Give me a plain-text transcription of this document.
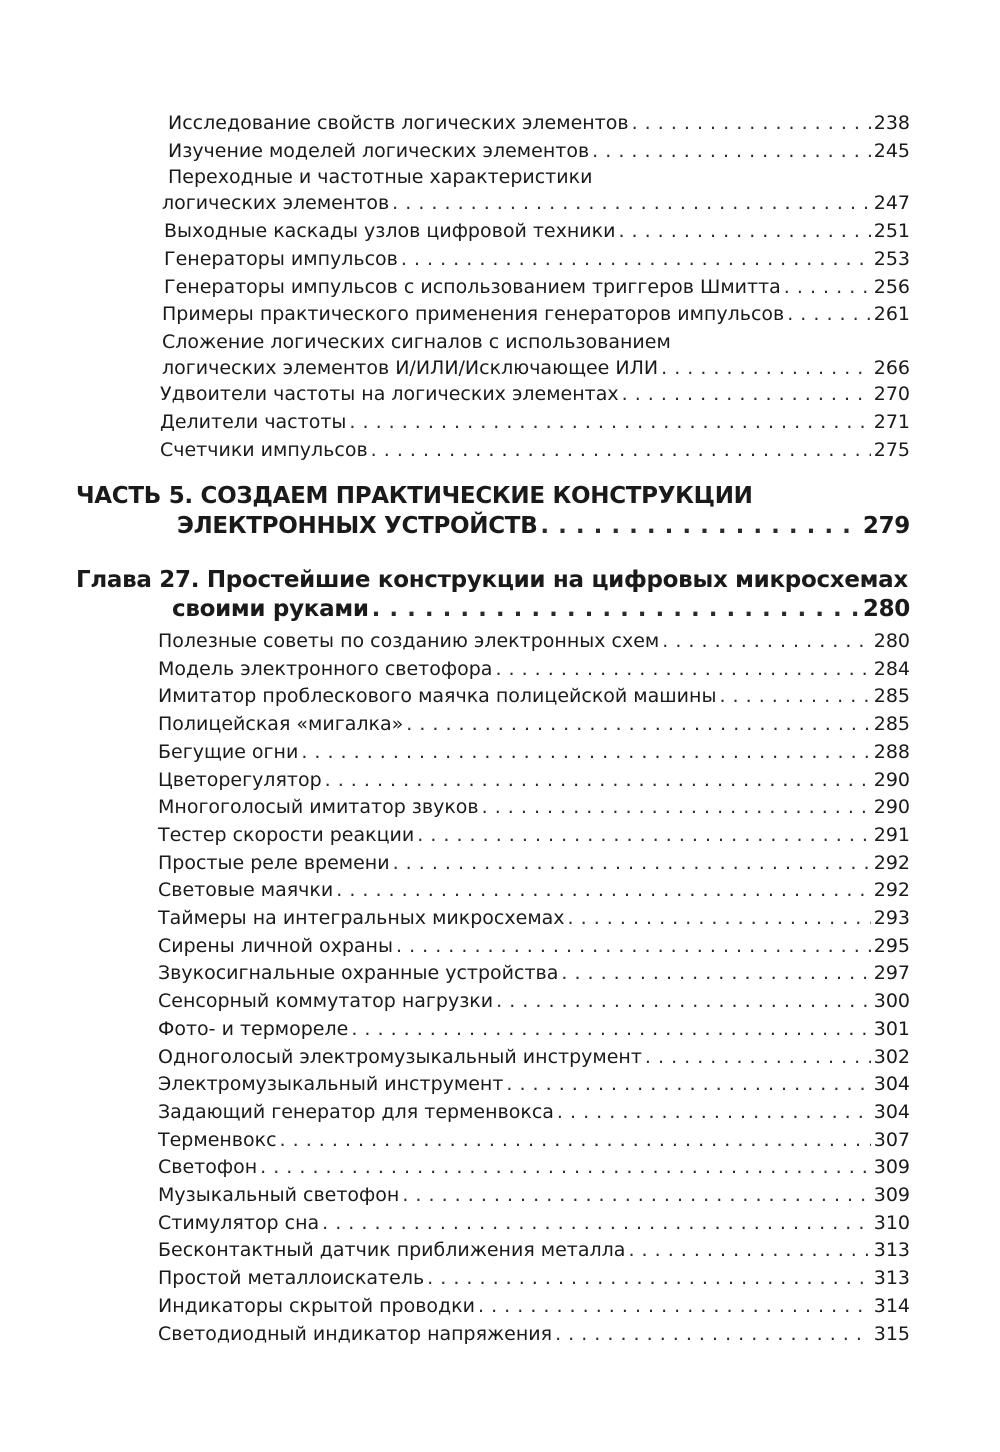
Исследование свойств логических элементов . . .	238
Изучение моделей логических элементов . . .	245
Переходные и частотные характеристики
логических элементов . . .	247
Выходные каскады узлов цифровой техники . . .	251
Генераторы импульсов . . .	253
Генераторы импульсов с использованием триггеров Шмитта . . .	256
Примеры практического применения генераторов импульсов . . .	261
Сложение логических сигналов с использованием
логических элементов И/ИЛИ/Исключающее ИЛИ . . .	266
Удвоители частоты на логических элементах . . .	270
Делители частоты . . .	271
Счетчики импульсов . . .	275
ЧАСТЬ 5. СОЗДАЕМ ПРАКТИЧЕСКИЕ КОНСТРУКЦИИ
ЭЛЕКТРОННЫХ УСТРОЙСТВ . . .	279
Глава 27. Простейшие конструкции на цифровых микросхемах
своими руками . . .	280
Полезные советы по созданию электронных схем . . .	280
Модель электронного светофора . . .	284
Имитатор проблескового маячка полицейской машины . . .	285
Полицейская «мигалка» . . .	285
Бегущие огни . . .	288
Цветорегулятор . . .	290
Многоголосый имитатор звуков . . .	290
Тестер скорости реакции . . .	291
Простые реле времени . . .	292
Световые маячки . . .	292
Таймеры на интегральных микросхемах . . .	293
Сирены личной охраны . . .	295
Звукосигнальные охранные устройства . . .	297
Сенсорный коммутатор нагрузки . . .	300
Фото- и термореле . . .	301
Одноголосый электромузыкальный инструмент . . .	302
Электромузыкальный инструмент . . .	304
Задающий генератор для терменвокса . . .	304
Терменвокс . . .	307
Светофон . . .	309
Музыкальный светофон . . .	309
Стимулятор сна . . .	310
Бесконтактный датчик приближения металла . . .	313
Простой металлоискатель . . .	313
Индикаторы скрытой проводки . . .	314
Светодиодный индикатор напряжения . . .	315
